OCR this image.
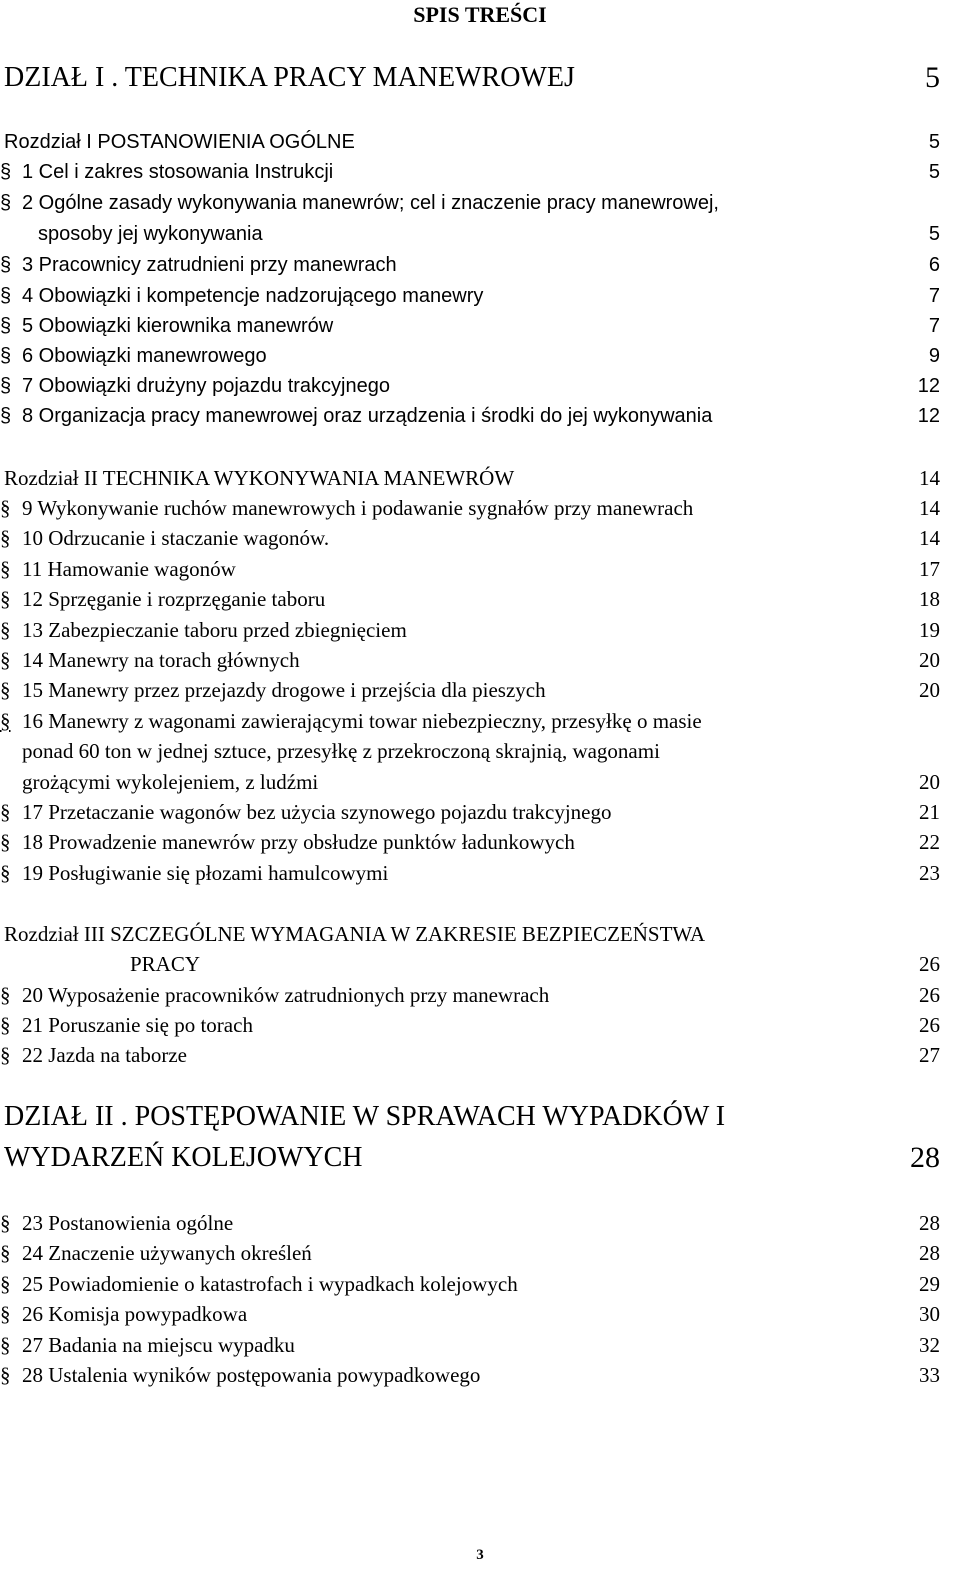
SPIS TREŚCI
DZIAŁ I . TECHNIKA PRACY MANEWROWEJ	5
Rozdział I POSTANOWIENIA OGÓLNE	5
§ 1 Cel i zakres stosowania Instrukcji	5
§ 2 Ogólne zasady wykonywania manewrów; cel i znaczenie pracy manewrowej,
sposoby jej wykonywania	5
§ 3 Pracownicy zatrudnieni przy manewrach	6
§ 4 Obowiązki i kompetencje nadzorującego manewry	7
§ 5 Obowiązki kierownika manewrów	7
§ 6 Obowiązki manewrowego	9
§ 7 Obowiązki drużyny pojazdu trakcyjnego	12
§ 8 Organizacja pracy manewrowej oraz urządzenia i środki do jej wykonywania	12
Rozdział II TECHNIKA WYKONYWANIA MANEWRÓW	14
§ 9 Wykonywanie ruchów manewrowych i podawanie sygnałów przy manewrach	14
§ 10 Odrzucanie i staczanie wagonów.	14
§ 11 Hamowanie wagonów	17
§ 12 Sprzęganie i rozprzęganie taboru	18
§ 13 Zabezpieczanie taboru przed zbiegnięciem	19
§ 14 Manewry na torach głównych	20
§ 15 Manewry przez przejazdy drogowe i przejścia dla pieszych	20
§ 16 Manewry z wagonami zawierającymi towar niebezpieczny, przesyłkę o masie
ponad 60 ton w jednej sztuce, przesyłkę z przekroczoną skrajnią, wagonami
grożącymi wykolejeniem, z ludźmi	20
§ 17 Przetaczanie wagonów bez użycia szynowego pojazdu trakcyjnego	21
§ 18 Prowadzenie manewrów przy obsłudze punktów ładunkowych	22
§ 19 Posługiwanie się płozami hamulcowymi	23
Rozdział III SZCZEGÓLNE WYMAGANIA W ZAKRESIE BEZPIECZEŃSTWA
PRACY	26
§ 20 Wyposażenie pracowników zatrudnionych przy manewrach	26
§ 21 Poruszanie się po torach	26
§ 22 Jazda na taborze	27
DZIAŁ II . POSTĘPOWANIE W SPRAWACH WYPADKÓW I
WYDARZEŃ KOLEJOWYCH	28
§ 23 Postanowienia ogólne	28
§ 24 Znaczenie używanych określeń	28
§ 25 Powiadomienie o katastrofach i wypadkach kolejowych	29
§ 26 Komisja powypadkowa	30
§ 27 Badania na miejscu wypadku	32
§ 28 Ustalenia wyników postępowania powypadkowego	33
3
